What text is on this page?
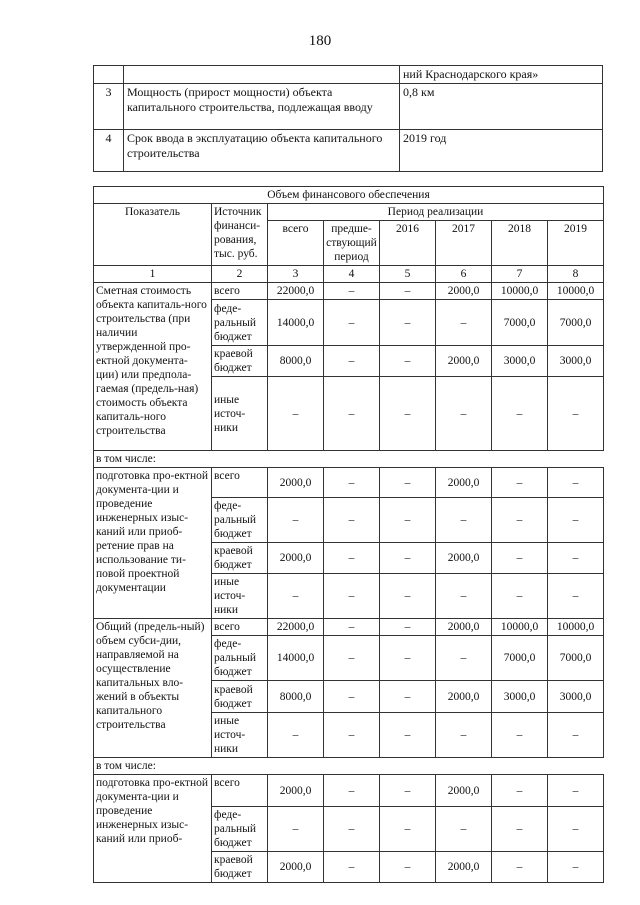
180
		ний Краснодарского края»
3	Мощность (прирост мощности) объекта капитального строительства, подлежащая вводу	0,8 км
4	Срок ввода в эксплуатацию объекта капитального строительства	2019 год
Объем финансового обеспечения							
Показатель	Источник финанси-рования, тыс. руб.	Период реализации					
		всего	предше-ствующий период	2016	2017	2018	2019
1	2	3	4	5	6	7	8
Сметная стоимость объекта капиталь-ного строительства (при наличии утвержденной про-ектной документа-ции) или предпола-гаемая (предель-ная) стоимость объекта капиталь-ного строительства	всего	22000,0	–	–	2000,0	10000,0	10000,0
	феде-ральный бюджет	14000,0	–	–	–	7000,0	7000,0
	краевой бюджет	8000,0	–	–	2000,0	3000,0	3000,0
	иные источ-ники	–	–	–	–	–	–
в том числе:							
подготовка про-ектной документа-ции и проведение инженерных изыс-каний или приоб-ретение прав на использование ти-повой проектной документации	всего	2000,0	–	–	2000,0	–	–
	феде-ральный бюджет	–	–	–	–	–	–
	краевой бюджет	2000,0	–	–	2000,0	–	–
	иные источ-ники	–	–	–	–	–	–
Общий (предель-ный) объем субси-дии, направляемой на осуществление капитальных вло-жений в объекты капитального строительства	всего	22000,0	–	–	2000,0	10000,0	10000,0
	феде-ральный бюджет	14000,0	–	–	–	7000,0	7000,0
	краевой бюджет	8000,0	–	–	2000,0	3000,0	3000,0
	иные источ-ники	–	–	–	–	–	–
в том числе:							
подготовка про-ектной документа-ции и проведение инженерных изыс-каний или приоб-	всего	2000,0	–	–	2000,0	–	–
	феде-ральный бюджет	–	–	–	–	–	–
	краевой бюджет	2000,0	–	–	2000,0	–	–
